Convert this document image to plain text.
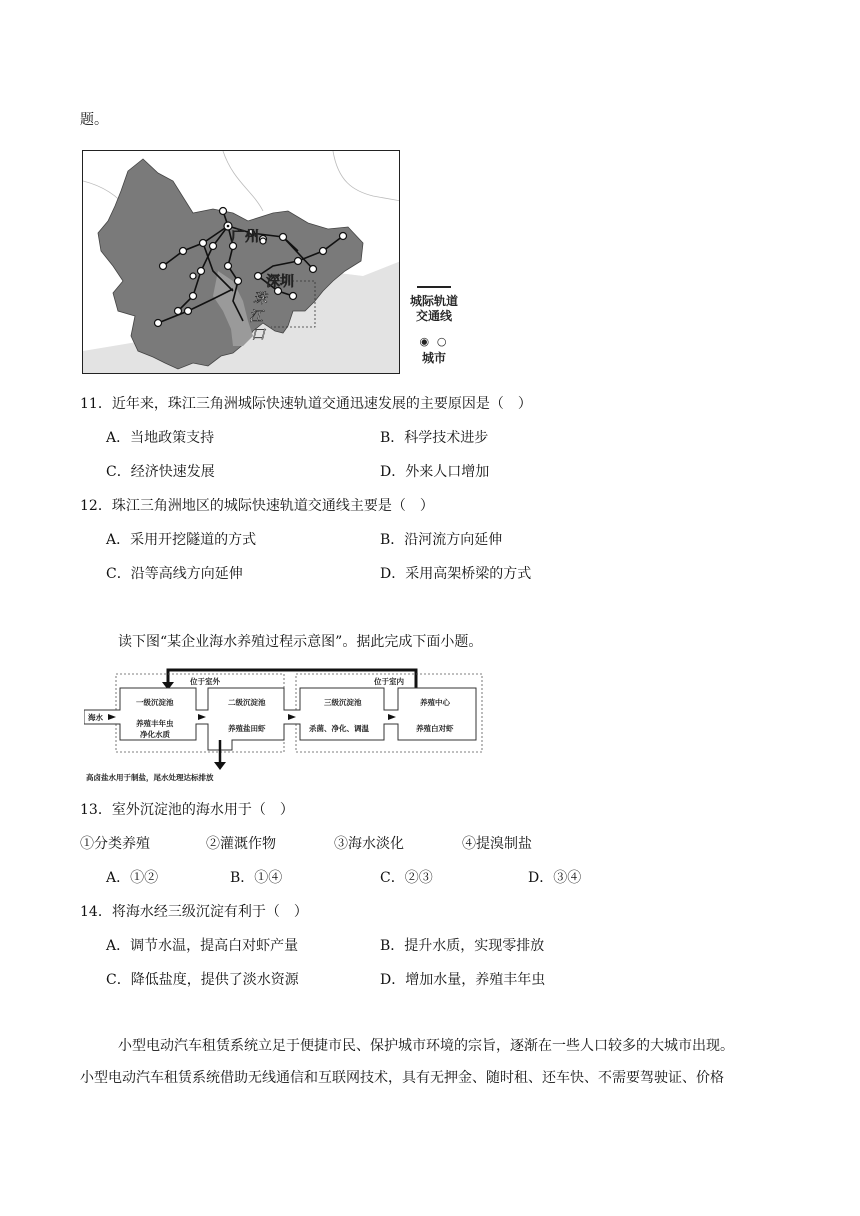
题。
广州
深圳
珠
江
口
城际轨道
交通线
◉ ○
城市
11．近年来，珠江三角洲城际快速轨道交通迅速发展的主要原因是（　）
A．当地政策支持	B．科学技术进步
C．经济快速发展	D．外来人口增加
12．珠江三角洲地区的城际快速轨道交通线主要是（　）
A．采用开挖隧道的方式	B．沿河流方向延伸
C．沿等高线方向延伸	D．采用高架桥梁的方式
读下图“某企业海水养殖过程示意图”。据此完成下面小题。
位于室外	位于室内
海水
一级沉淀池
养殖丰年虫
净化水质
二级沉淀池
养殖盐田虾
三级沉淀池
杀菌、净化、调温
养殖中心
养殖白对虾
高卤盐水用于制盐，尾水处理达标排放
13．室外沉淀池的海水用于（　）
①分类养殖	②灌溉作物	③海水淡化	④提溴制盐
A．①②	B．①④	C．②③	D．③④
14．将海水经三级沉淀有利于（　）
A．调节水温，提高白对虾产量	B．提升水质，实现零排放
C．降低盐度，提供了淡水资源	D．增加水量，养殖丰年虫
小型电动汽车租赁系统立足于便捷市民、保护城市环境的宗旨，逐渐在一些人口较多的大城市出现。
小型电动汽车租赁系统借助无线通信和互联网技术，具有无押金、随时租、还车快、不需要驾驶证、价格
